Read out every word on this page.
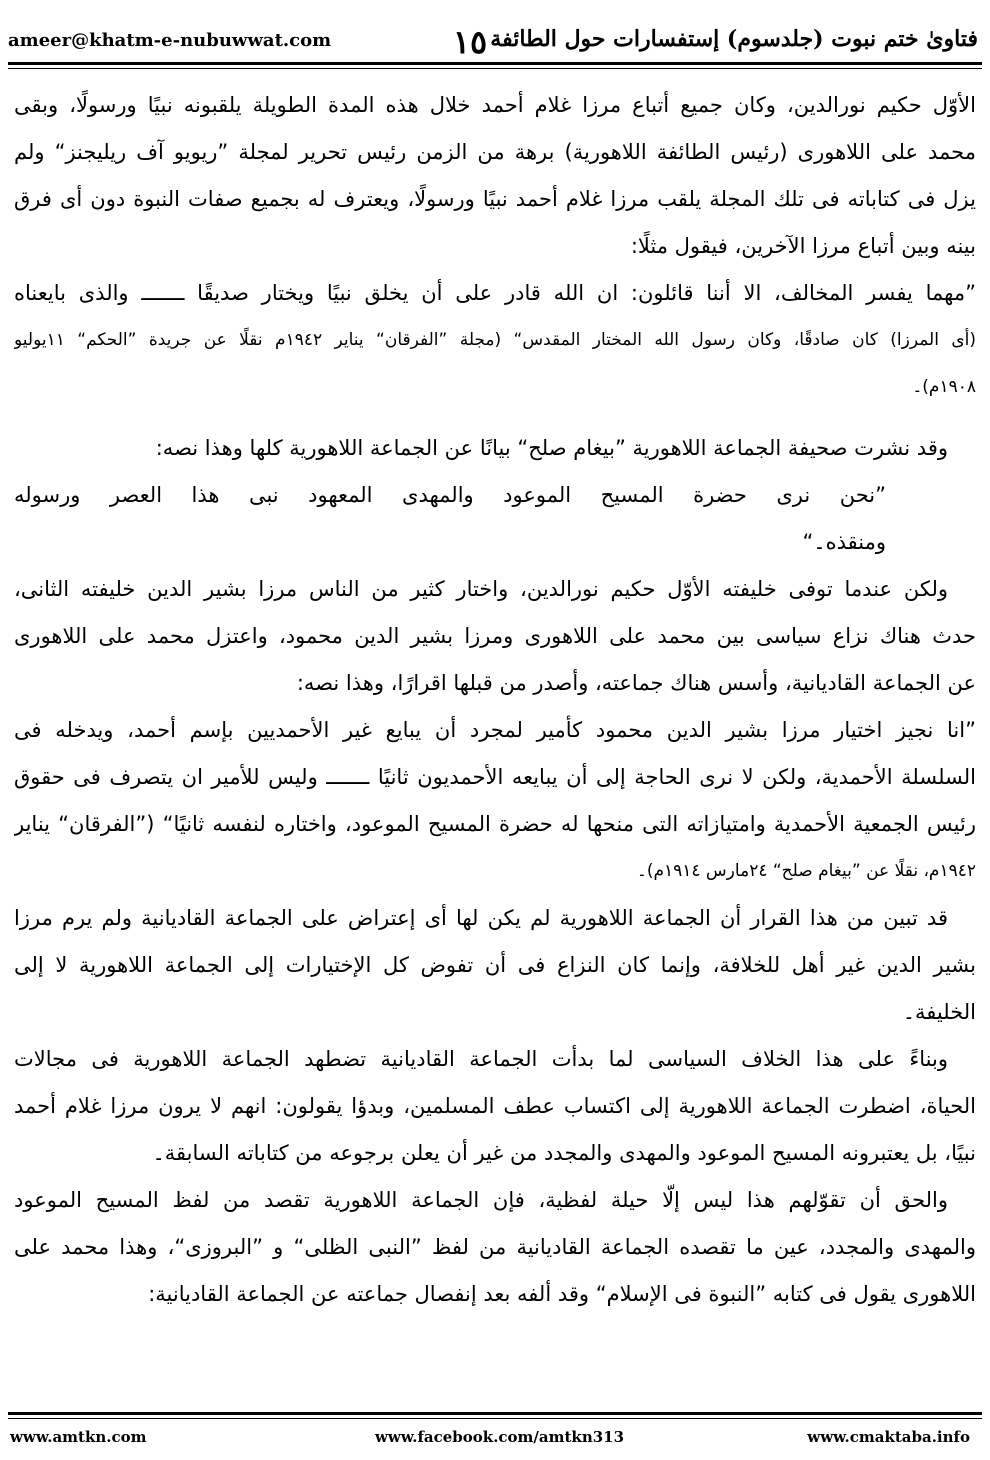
ameer@khatm-e-nubuwwat.com	١٥ فتاویٰ ختم نبوت (جلدسوم) إستفسارات حول الطائفة
الأوّل حكيم نورالدين، وكان جميع أتباع مرزا غلام أحمد خلال هذه المدة الطويلة يلقبونه نبيًا ورسولًا، وبقى
محمد على اللاهورى (رئيس الطائفة اللاهورية) برهة من الزمن رئيس تحرير لمجلة ”ريويو آف ريليجنز“ ولم
يزل فى كتاباته فى تلك المجلة يلقب مرزا غلام أحمد نبيًا ورسولًا، ويعترف له بجميع صفات النبوة دون أى فرق
بينه وبين أتباع مرزا الآخرين، فيقول مثلًا:
”مهما يفسر المخالف، الا أننا قائلون: ان الله قادر على أن يخلق نبيًا ويختار صديقًا ـــــــ والذى بايعناه
(أى المرزا) كان صادقًا، وكان رسول الله المختار المقدس“ (مجلة ”الفرقان“ يناير ١٩٤٢م نقلًا عن جريدة ”الحكم“ ١١يوليو
١٩٠٨م)۔
وقد نشرت صحيفة الجماعة اللاهورية ”بيغام صلح“ بيانًا عن الجماعة اللاهورية كلها وهذا نصه:
”نحن نرى حضرة المسيح الموعود والمهدى المعهود نبى هذا العصر ورسوله
ومنقذه۔“
ولكن عندما توفى خليفته الأوّل حكيم نورالدين، واختار كثير من الناس مرزا بشير الدين خليفته الثانى،
حدث هناك نزاع سياسى بين محمد على اللاهورى ومرزا بشير الدين محمود، واعتزل محمد على اللاهورى
عن الجماعة القاديانية، وأسس هناك جماعته، وأصدر من قبلها اقرارًا، وهذا نصه:
”انا نجيز اختيار مرزا بشير الدين محمود كأمير لمجرد أن يبايع غير الأحمديين بإسم أحمد، ويدخله فى
السلسلة الأحمدية، ولكن لا نرى الحاجة إلى أن يبايعه الأحمديون ثانيًا ـــــــ وليس للأمير ان يتصرف فى حقوق
رئيس الجمعية الأحمدية وامتيازاته التى منحها له حضرة المسيح الموعود، واختاره لنفسه ثانيًا“ (”الفرقان“ يناير
١٩٤٢م، نقلًا عن ”بيغام صلح“ ٢٤مارس ١٩١٤م)۔
قد تبين من هذا القرار أن الجماعة اللاهورية لم يكن لها أى إعتراض على الجماعة القاديانية ولم يرم مرزا
بشير الدين غير أهل للخلافة، وإنما كان النزاع فى أن تفوض كل الإختيارات إلى الجماعة اللاهورية لا إلى
الخليفة۔
وبناءً على هذا الخلاف السياسى لما بدأت الجماعة القاديانية تضطهد الجماعة اللاهورية فى مجالات
الحياة، اضطرت الجماعة اللاهورية إلى اكتساب عطف المسلمين، وبدؤا يقولون: انهم لا يرون مرزا غلام أحمد
نبيًا، بل يعتبرونه المسيح الموعود والمهدى والمجدد من غير أن يعلن برجوعه من كتاباته السابقة۔
والحق أن تقوّلهم هذا ليس إلّا حيلة لفظية، فإن الجماعة اللاهورية تقصد من لفظ المسيح الموعود
والمهدى والمجدد، عين ما تقصده الجماعة القاديانية من لفظ ”النبى الظلى“ و ”البروزى“، وهذا محمد على
اللاهورى يقول فى كتابه ”النبوة فى الإسلام“ وقد ألفه بعد إنفصال جماعته عن الجماعة القاديانية:
www.amtkn.com	www.facebook.com/amtkn313	www.cmaktaba.info
